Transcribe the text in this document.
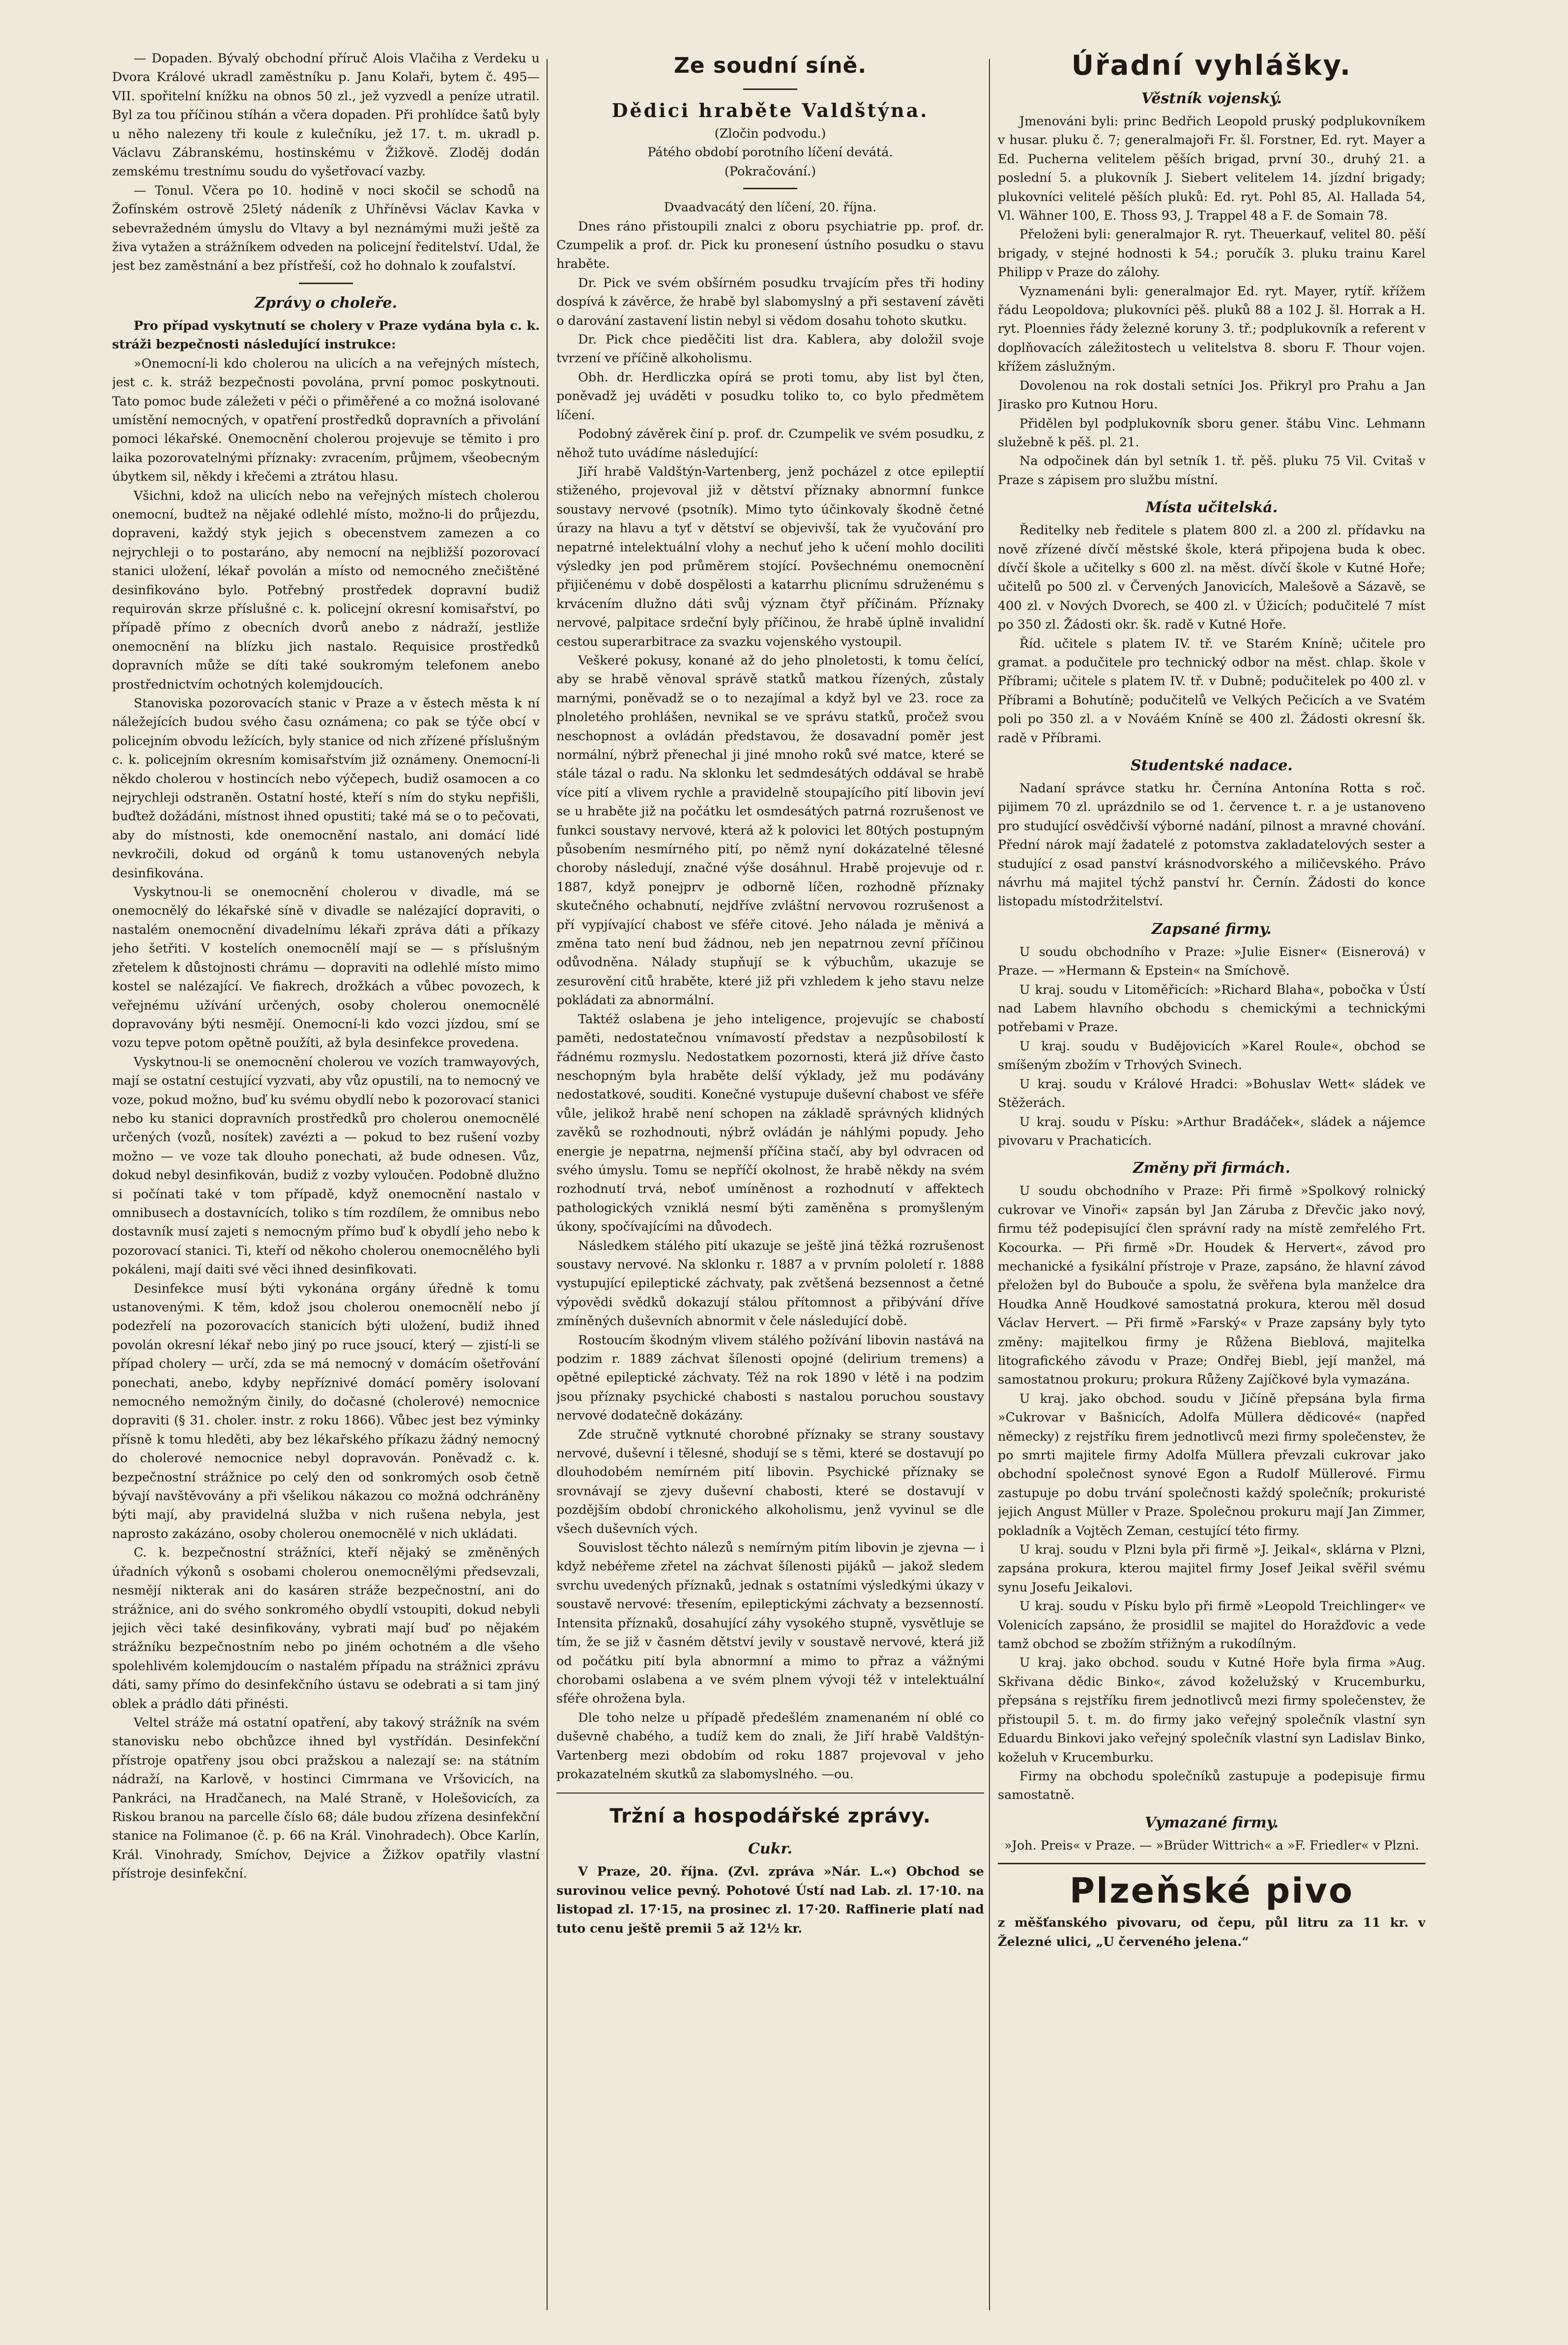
— Dopaden. Bývalý obchodní příruč Alois Vlačiha z Verdeku u Dvora Králové ukradl zaměstníku p. Janu Kolaři, bytem č. 495—VII. spořitelní knížku na obnos 50 zl., jež vyzvedl a peníze utratil. Byl za tou příčinou stíhán a včera dopaden. Při prohlídce šatů byly u něho nalezeny tři koule z kulečníku, jež 17. t. m. ukradl p. Václavu Zábranskému, hostinskému v Žižkově. Zloděj dodán zemskému trestnímu soudu do vyšetřovací vazby.

— Tonul. Včera po 10. hodině v noci skočil se schodů na Žofínském ostrově 25letý nádeník z Uhříněvsi Václav Kavka v sebevražedném úmyslu do Vltavy a byl neznámými muži ještě za živa vytažen a strážníkem odveden na policejní ředitelství. Udal, že jest bez zaměstnání a bez přístřeší, což ho dohnalo k zoufalství.

Zprávy o choleře.

Pro případ vyskytnutí se cholery v Praze vydána byla c. k. stráži bezpečnosti následující instrukce:

»Onemocní-li kdo cholerou na ulicích a na veřejných místech, jest c. k. stráž bezpečnosti povolána, první pomoc poskytnouti. Tato pomoc bude záležeti v péči o přiměřené a co možná isolované umístění nemocných, v opatření prostředků dopravních a přivolání pomoci lékařské. Onemocnění cholerou projevuje se těmito i pro laika pozorovatelnými příznaky: zvracením, průjmem, všeobecným úbytkem sil, někdy i křečemi a ztrátou hlasu.

Všichni, kdož na ulicích nebo na veřejných místech cholerou onemocní, budtež na nějaké odlehlé místo, možno-li do průjezdu, dopraveni, každý styk jejich s obecenstvem zamezen a co nejrychleji o to postaráno, aby nemocní na nejbližší pozorovací stanici uložení, lékař povolán a místo od nemocného znečištěné desinfikováno bylo. Potřebný prostředek dopravní budiž requirován skrze příslušné c. k. policejní okresní komisařství, po případě přímo z obecních dvorů anebo z nádraží, jestliže onemocnění na blízku jich nastalo. Requisice prostředků dopravních může se díti také soukromým telefonem anebo prostřednictvím ochotných kolemjdoucích.

Stanoviska pozorovacích stanic v Praze a v ěstech města k ní náležejících budou svého času oznámena; co pak se týče obcí v policejním obvodu ležících, byly stanice od nich zřízené příslušným c. k. policejním okresním komisařstvím již oznámeny. Onemocní-li někdo cholerou v hostincích nebo výčepech, budiž osamocen a co nejrychleji odstraněn. Ostatní hosté, kteří s ním do styku nepřišli, buďtež dožádáni, místnost ihned opustiti; také má se o to pečovati, aby do místnosti, kde onemocnění nastalo, ani domácí lidé nevkročili, dokud od orgánů k tomu ustanovených nebyla desinfikována.

Vyskytnou-li se onemocnění cholerou v divadle, má se onemocnělý do lékařské síně v divadle se nalézající dopraviti, o nastalém onemocnění divadelnímu lékaři zpráva dáti a příkazy jeho šetřiti. V kostelích onemocnělí mají se — s příslušným zřetelem k důstojnosti chrámu — dopraviti na odlehlé místo mimo kostel se nalézající. Ve fiakrech, drožkách a vůbec povozech, k veřejnému užívání určených, osoby cholerou onemocnělé dopravovány býti nesmějí. Onemocní-li kdo vozci jízdou, smí se vozu tepve potom opětně použíti, až byla desinfekce provedena.

Vyskytnou-li se onemocnění cholerou ve vozích tramwayových, mají se ostatní cestující vyzvati, aby vůz opustili, na to nemocný ve voze, pokud možno, buď ku svému obydlí nebo k pozorovací stanici nebo ku stanici dopravních prostředků pro cholerou onemocnělé určených (vozů, nosítek) zavézti a — pokud to bez rušení vozby možno — ve voze tak dlouho ponechati, až bude odnesen. Vůz, dokud nebyl desinfikován, budiž z vozby vyloučen. Podobně dlužno si počínati také v tom případě, když onemocnění nastalo v omnibusech a dostavnících, toliko s tím rozdílem, že omnibus nebo dostavník musí zajeti s nemocným přímo buď k obydlí jeho nebo k pozorovací stanici. Ti, kteří od někoho cholerou onemocnělého byli pokáleni, mají daiti své věci ihned desinfikovati.

Desinfekce musí býti vykonána orgány úředně k tomu ustanovenými. K těm, kdož jsou cholerou onemocnělí nebo jí podezřelí na pozorovacích stanicích býti uložení, budiž ihned povolán okresní lékař nebo jiný po ruce jsoucí, který — zjistí-li se případ cholery — určí, zda se má nemocný v domácím ošetřování ponechati, anebo, kdyby nepříznivé domácí poměry isolovaní nemocného nemožným činily, do dočasné (cholerové) nemocnice dopraviti (§ 31. choler. instr. z roku 1866). Vůbec jest bez výminky přísně k tomu hleděti, aby bez lékařského příkazu žádný nemocný do cholerové nemocnice nebyl dopravován. Poněvadž c. k. bezpečnostní strážnice po celý den od sonkromých osob četně bývají navštěvovány a při všelikou nákazou co možná odchráněny býti mají, aby pravidelná služba v nich rušena nebyla, jest naprosto zakázáno, osoby cholerou onemocnělé v nich ukládati.

C. k. bezpečnostní strážníci, kteří nějaký se změněných úřadních výkonů s osobami cholerou onemocnělými předsevzali, nesmějí nikterak ani do kasáren stráže bezpečnostní, ani do strážnice, ani do svého sonkromého obydlí vstoupiti, dokud nebyli jejich věci také desinfikovány, vybrati mají buď po nějakém strážníku bezpečnostním nebo po jiném ochotném a dle všeho spolehlivém kolemjdoucím o nastalém případu na strážnici zprávu dáti, samy přímo do desinfekčního ústavu se odebrati a si tam jiný oblek a prádlo dáti přinésti.

Veltel stráže má ostatní opatření, aby takový strážník na svém stanovisku nebo obchůzce ihned byl vystřídán. Desinfekční přístroje opatřeny jsou obci pražskou a nalezají se: na státním nádraží, na Karlově, v hostinci Cimrmana ve Vršovicích, na Pankráci, na Hradčanech, na Malé Straně, v Holešovicích, za Riskou branou na parcelle číslo 68; dále budou zřízena desinfekční stanice na Folimanoe (č. p. 66 na Král. Vinohradech). Obce Karlín, Král. Vinohrady, Smíchov, Dejvice a Žižkov opatřily vlastní přístroje desinfekční.

Ze soudní síně.
Dědici hraběte Valdštýna.

(Zločin podvodu.)

Pátého období porotního líčení devátá.

(Pokračování.)

Dvaadvacátý den líčení, 20. října.

Dnes ráno přistoupili znalci z oboru psychiatrie pp. prof. dr. Czumpelik a prof. dr. Pick ku pronesení ústního posudku o stavu hraběte.

Dr. Pick ve svém obšírném posudku trvajícím přes tři hodiny dospívá k závěrce, že hrabě byl slabomyslný a při sestavení závěti o darování zastavení listin nebyl si vědom dosahu tohoto skutku.

Dr. Pick chce pieděčiti list dra. Kablera, aby doložil svoje tvrzení ve příčině alkoholismu.

Obh. dr. Herdliczka opírá se proti tomu, aby list byl čten, poněvadž jej uváděti v posudku toliko to, co bylo předmětem líčení.

Podobný závěrek činí p. prof. dr. Czumpelik ve svém posudku, z něhož tuto uvádíme následující:

Jiří hrabě Valdštýn-Vartenberg, jenž pocházel z otce epileptií stiženého, projevoval již v dětství příznaky abnormní funkce soustavy nervové (psotník). Mimo tyto účinkovaly škodně četné úrazy na hlavu a tyť v dětství se objevivší, tak že vyučování pro nepatrné intelektuální vlohy a nechuť jeho k učení mohlo dociliti výsledky jen pod průměrem stojící. Povšechnému onemocnění přijičenému v době dospělosti a katarrhu plicnímu sdruženému s krvácením dlužno dáti svůj význam čtyř příčinám. Příznaky nervové, palpitace srdeční byly příčinou, že hrabě úplně invalidní cestou superarbitrace za svazku vojenského vystoupil.

Veškeré pokusy, konané až do jeho plnoletosti, k tomu čelící, aby se hrabě věnoval správě statků matkou řízených, zůstaly marnými, poněvadž se o to nezajímal a když byl ve 23. roce za plnoletého prohlášen, nevnikal se ve správu statků, pročež svou neschopnost a ovládán představou, že dosavadní poměr jest normální, nýbrž přenechal ji jiné mnoho roků své matce, které se stále tázal o radu. Na sklonku let sedmdesátých oddával se hrabě více pití a vlivem rychle a pravidelně stoupajícího pití libovin jeví se u hraběte již na počátku let osmdesátých patrná rozrušenost ve funkci soustavy nervové, která až k polovici let 80tých postupným působením nesmírného pití, po němž nyní dokázatelné tělesné choroby následují, značné výše dosáhnul. Hrabě projevuje od r. 1887, když ponejprv je odborně líčen, rozhodně příznaky skutečného ochabnutí, nejdříve zvláštní nervovou rozrušenost a pří vypjívající chabost ve sféře citové. Jeho nálada je měnivá a změna tato není bud žádnou, neb jen nepatrnou zevní příčinou odůvodněna. Nálady stupňují se k výbuchům, ukazuje se zesurovění citů hraběte, které již při vzhledem k jeho stavu nelze pokládati za abnormální.

Taktéž oslabena je jeho inteligence, projevujíc se chabostí paměti, nedostatečnou vnímavostí představ a nezpůsobilostí k řádnému rozmyslu. Nedostatkem pozornosti, která již dříve často neschopným byla hraběte delší výklady, jež mu podávány nedostatkové, souditi. Konečné vystupuje duševní chabost ve sféře vůle, jelikož hrabě není schopen na základě správných klidných zavěků se rozhodnouti, nýbrž ovládán je náhlými popudy. Jeho energie je nepatrna, nejmenší příčina stačí, aby byl odvracen od svého úmyslu. Tomu se nepříčí okolnost, že hrabě někdy na svém rozhodnutí trvá, neboť umíněnost a rozhodnutí v affektech pathologických vzniklá nesmí býti zaměněna s promyšleným úkony, spočívajícími na důvodech.

Následkem stálého pití ukazuje se ještě jiná těžká rozrušenost soustavy nervové. Na sklonku r. 1887 a v prvním pololetí r. 1888 vystupující epileptické záchvaty, pak zvětšená bezsennost a četné výpovědi svědků dokazují stálou přítomnost a přibývání dříve zmíněných duševních abnormit v čele následující době.

Rostoucím škodným vlivem stálého požívání libovin nastává na podzim r. 1889 záchvat šílenosti opojné (delirium tremens) a opětné epileptické záchvaty. Též na rok 1890 v létě i na podzim jsou příznaky psychické chabosti s nastalou poruchou soustavy nervové dodatečně dokázány.

Zde stručně vytknuté chorobné příznaky se strany soustavy nervové, duševní i tělesné, shodují se s těmi, které se dostavují po dlouhodobém nemírném pití libovin. Psychické příznaky se srovnávají se zjevy duševní chabosti, které se dostavují v pozdějším období chronického alkoholismu, jenž vyvinul se dle všech duševních vých.

Souvislost těchto nálezů s nemírným pitím libovin je zjevna — i když nebéřeme zřetel na záchvat šílenosti pijáků — jakož sledem svrchu uvedených příznaků, jednak s ostatními výsledkými úkazy v soustavě nervové: třesením, epileptickými záchvaty a bezsenností. Intensita příznaků, dosahující záhy vysokého stupně, vysvětluje se tím, že se již v časném dětství jevily v soustavě nervové, která již od počátku pití byla abnormní a mimo to přraz a vážnými chorobami oslabena a ve svém plnem vývoji též v intelektuální sféře ohrožena byla.

Dle toho nelze u případě předešlém znamenaném ní oblé co duševně chabého, a tudíž kem do znali, že Jiří hrabě Valdštýn-Vartenberg mezi obdobím od roku 1887 projevoval v jeho prokazatelném skutků za slabomyslného. —ou.

Tržní a hospodářské zprávy.
Cukr.

V Praze, 20. října. (Zvl. zpráva »Nár. L.«) Obchod se surovinou velice pevný. Pohotové Ústí nad Lab. zl. 17·10. na listopad zl. 17·15, na prosinec zl. 17·20. Raffinerie platí nad tuto cenu ještě premii 5 až 12½ kr.

Úřadní vyhlášky.
Věstník vojenský.

Jmenováni byli: princ Bedřich Leopold pruský podplukovníkem v husar. pluku č. 7; generalmajoři Fr. šl. Forstner, Ed. ryt. Mayer a Ed. Pucherna velitelem pěších brigad, první 30., druhý 21. a poslední 5. a plukovník J. Siebert velitelem 14. jízdní brigady; plukovníci velitelé pěších pluků: Ed. ryt. Pohl 85, Al. Hallada 54, Vl. Wähner 100, E. Thoss 93, J. Trappel 48 a F. de Somain 78.

Přeloženi byli: generalmajor R. ryt. Theuerkauf, velitel 80. pěší brigady, v stejné hodnosti k 54.; poručík 3. pluku trainu Karel Philipp v Praze do zálohy.

Vyznamenáni byli: generalmajor Ed. ryt. Mayer, rytíř. křížem řádu Leopoldova; plukovníci pěš. pluků 88 a 102 J. šl. Horrak a H. ryt. Ploennies řády železné koruny 3. tř.; podplukovník a referent v doplňovacích záležitostech u velitelstva 8. sboru F. Thour vojen. křížem záslužným.

Dovolenou na rok dostali setníci Jos. Přikryl pro Prahu a Jan Jirasko pro Kutnou Horu.

Přidělen byl podplukovník sboru gener. štábu Vinc. Lehmann služebně k pěš. pl. 21.

Na odpočinek dán byl setník 1. tř. pěš. pluku 75 Vil. Cvitaš v Praze s zápisem pro službu místní.

Místa učitelská.

Ředitelky neb ředitele s platem 800 zl. a 200 zl. přídavku na nově zřízené dívčí městské škole, která připojena buda k obec. dívčí škole a učitelky s 600 zl. na měst. dívčí škole v Kutné Hoře; učitelů po 500 zl. v Červených Janovicích, Malešově a Sázavě, se 400 zl. v Nových Dvorech, se 400 zl. v Úžicích; podučitelé 7 míst po 350 zl. Žádosti okr. šk. radě v Kutné Hoře.

Říd. učitele s platem IV. tř. ve Starém Kníně; učitele pro gramat. a podučitele pro technický odbor na měst. chlap. škole v Příbrami; učitele s platem IV. tř. v Dubně; podučitelek po 400 zl. v Příbrami a Bohutíně; podučitelů ve Velkých Pečicích a ve Svatém poli po 350 zl. a v Nováém Kníně se 400 zl. Žádosti okresní šk. radě v Příbrami.

Studentské nadace.

Nadaní správce statku hr. Černína Antonína Rotta s roč. pijimem 70 zl. uprázdnilo se od 1. července t. r. a je ustanoveno pro studující osvědčivší výborné nadání, pilnost a mravné chování. Přední nárok mají žadatelé z potomstva zakladatelových sester a studující z osad panství krásnodvorského a miličevského. Právo návrhu má majitel týchž panství hr. Černín. Žádosti do konce listopadu místodržitelství.

Zapsané firmy.

U soudu obchodního v Praze: »Julie Eisner« (Eisnerová) v Praze. — »Hermann & Epstein« na Smíchově.

U kraj. soudu v Litoměřicích: »Richard Blaha«, pobočka v Ústí nad Labem hlavního obchodu s chemickými a technickými potřebami v Praze.

U kraj. soudu v Budějovicích »Karel Roule«, obchod se smíšeným zbožím v Trhových Svinech.

U kraj. soudu v Králové Hradci: »Bohuslav Wett« sládek ve Stěžerách.

U kraj. soudu v Písku: »Arthur Bradáček«, sládek a nájemce pivovaru v Prachaticích.

Změny při firmách.

U soudu obchodního v Praze: Při firmě »Spolkový rolnický cukrovar ve Vinoři« zapsán byl Jan Záruba z Dřevčic jako nový, firmu též podepisující člen správní rady na místě zemřelého Frt. Kocourka. — Při firmě »Dr. Houdek & Hervert«, závod pro mechanické a fysikální přístroje v Praze, zapsáno, že hlavní závod přeložen byl do Bubouče a spolu, že svěřena byla manželce dra Houdka Anně Houdkové samostatná prokura, kterou měl dosud Václav Hervert. — Při firmě »Farský« v Praze zapsány byly tyto změny: majitelkou firmy je Růžena Bieblová, majitelka litografického závodu v Praze; Ondřej Biebl, její manžel, má samostatnou prokuru; prokura Růženy Zajíčkové byla vymazána.

U kraj. jako obchod. soudu v Jičíně přepsána byla firma »Cukrovar v Bašnicích, Adolfa Müllera dědicové« (napřed německy) z rejstříku firem jednotlivců mezi firmy společenstev, že po smrti majitele firmy Adolfa Müllera převzali cukrovar jako obchodní společnost synové Egon a Rudolf Müllerové. Firmu zastupuje po dobu trvání společnosti každý společník; prokuristé jejich Angust Müller v Praze. Společnou prokuru mají Jan Zimmer, pokladník a Vojtěch Zeman, cestující této firmy.

U kraj. soudu v Plzni byla při firmě »J. Jeikal«, sklárna v Plzni, zapsána prokura, kterou majitel firmy Josef Jeikal svěřil svému synu Josefu Jeikalovi.

U kraj. soudu v Písku bylo při firmě »Leopold Treichlinger« ve Volenicích zapsáno, že prosidlil se majitel do Horažďovic a vede tamž obchod se zbožím střižným a rukodílným.

U kraj. jako obchod. soudu v Kutné Hoře byla firma »Aug. Skřivana dědic Binko«, závod koželužský v Krucemburku, přepsána s rejstříku firem jednotlivců mezi firmy společenstev, že přistoupil 5. t. m. do firmy jako veřejný společník vlastní syn Eduardu Binkovi jako veřejný společník vlastní syn Ladislav Binko, koželuh v Krucemburku.

Firmy na obchodu společníků zastupuje a podepisuje firmu samostatně.

Vymazané firmy.

»Joh. Preis« v Praze. — »Brüder Wittrich« a »F. Friedler« v Plzni.

Plzeňské pivo

z měšťanského pivovaru, od čepu, půl litru za 11 kr. v Železné ulici, „U červeného jelena.“
